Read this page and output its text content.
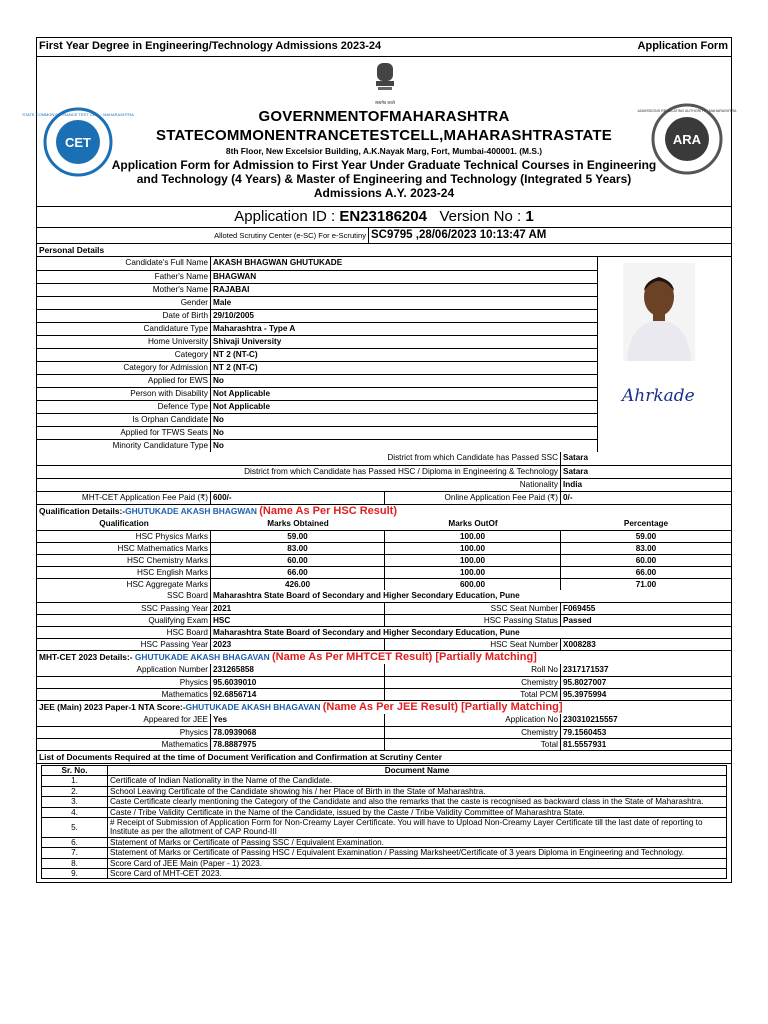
First Year Degree in Engineering/Technology Admissions 2023-24	Application Form
CET
STATE COMMON ENTRANCE TEST CELL · MAHARASHTRA
ARA
ADMISSIONS REGULATING AUTHORITY · MAHARASHTRA
सत्यमेव जयते
GOVERNMENTOFMAHARASHTRA
STATECOMMONENTRANCETESTCELL,MAHARASHTRASTATE
8th Floor, New Excelsior Building, A.K.Nayak Marg, Fort, Mumbai-400001. (M.S.)
Application Form for Admission to First Year Under Graduate Technical Courses in Engineering and Technology (4 Years) & Master of Engineering and Technology (Integrated 5 Years) Admissions A.Y. 2023-24
Application ID : EN23186204
Version No : 1
Alloted Scrutiny Center (e-SC) For e-Scrutiny SC9795 ,28/06/2023 10:13:47 AM
Personal Details
Candidate's Full Name AKASH BHAGWAN GHUTUKADE
Father's Name BHAGWAN
Mother's Name RAJABAI
Gender Male
Date of Birth 29/10/2005
Candidature Type Maharashtra - Type A
Home University Shivaji University
Category NT 2 (NT-C)
Category for Admission NT 2 (NT-C)
Applied for EWS No
Person with Disability Not Applicable
Defence Type Not Applicable
Is Orphan Candidate No
Applied for TFWS Seats No
Minority Candidature Type No
Ahrkade
District from which Candidate has Passed SSC Satara
District from which Candidate has Passed HSC / Diploma in Engineering & Technology Satara
Nationality India
MHT-CET Application Fee Paid (₹) 600/-	Online Application Fee Paid (₹) 0/-
Qualification Details:-GHUTUKADE AKASH BHAGWAN (Name As Per HSC Result)
Qualification	Marks Obtained	Marks OutOf	Percentage
HSC Physics Marks	59.00	100.00	59.00
HSC Mathematics Marks	83.00	100.00	83.00
HSC Chemistry Marks	60.00	100.00	60.00
HSC English Marks	66.00	100.00	66.00
HSC Aggregate Marks	426.00	600.00	71.00
SSC Board Maharashtra State Board of Secondary and Higher Secondary Education, Pune
SSC Passing Year 2021	SSC Seat Number F069455
Qualifying Exam HSC	HSC Passing Status Passed
HSC Board Maharashtra State Board of Secondary and Higher Secondary Education, Pune
HSC Passing Year 2023	HSC Seat Number X008283
MHT-CET 2023 Details:- GHUTUKADE AKASH BHAGAVAN (Name As Per MHTCET Result) [Partially Matching]
Application Number 231265858	Roll No 2317171537
Physics 95.6039010	Chemistry 95.8027007
Mathematics 92.6856714	Total PCM 95.3975994
JEE (Main) 2023 Paper-1 NTA Score:-GHUTUKADE AKASH BHAGAVAN (Name As Per JEE Result) [Partially Matching]
Appeared for JEE Yes	Application No 230310215557
Physics 78.0939068	Chemistry 79.1560453
Mathematics 78.8887975	Total 81.5557931
List of Documents Required at the time of Document Verification and Confirmation at Scrutiny Center
Sr. No.	Document Name
1.	Certificate of Indian Nationality in the Name of the Candidate.
2.	School Leaving Certificate of the Candidate showing his / her Place of Birth in the State of Maharashtra.
3.	Caste Certificate clearly mentioning the Category of the Candidate and also the remarks that the caste is recognised as backward class in the State of Maharashtra.
4.	Caste / Tribe Validity Certificate in the Name of the Candidate, issued by the Caste / Tribe Validity Committee of Maharashtra State.
5.	# Receipt of Submission of Application Form for Non-Creamy Layer Certificate. You will have to Upload Non-Creamy Layer Certificate till the last date of reporting to Institute as per the allotment of CAP Round-III
6.	Statement of Marks or Certificate of Passing SSC / Equivalent Examination.
7.	Statement of Marks or Certificate of Passing HSC / Equivalent Examination / Passing Marksheet/Certificate of 3 years Diploma in Engineering and Technology.
8.	Score Card of JEE Main (Paper - 1) 2023.
9.	Score Card of MHT-CET 2023.
